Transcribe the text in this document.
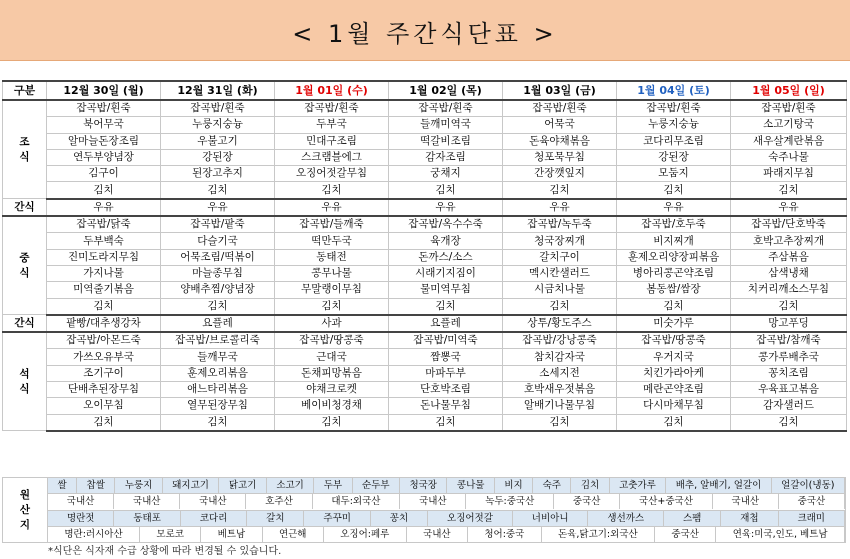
< 1월 주간식단표 >
구분	12월 30일 (월)	12월 31일 (화)	1월 01일 (수)	1월 02일 (목)	1월 03일 (금)	1월 04일 (토)	1월 05일 (일)

조
식	잡곡밥/흰죽	잡곡밥/흰죽	잡곡밥/흰죽	잡곡밥/흰죽	잡곡밥/흰죽	잡곡밥/흰죽	잡곡밥/흰죽
	북어무국	누룽지숭늉	두부국	들깨미역국	어묵국	누룽지숭늉	소고기탕국
	알마늘돈장조림	우불고기	민대구조림	떡갈비조림	돈육야채볶음	코다리무조림	새우살계란볶음
	연두부양념장	강된장	스크램블에그	감자조림	청포묵무침	강된장	숙주나물
	김구이	된장고추지	오징어젓갈무침	궁채지	간장깻잎지	모둠지	파래지무침
	김치	김치	김치	김치	김치	김치	김치
간식	우유	우유	우유	우유	우유	우유	우유

중
식	잡곡밥/닭죽	잡곡밥/팥죽	잡곡밥/들깨죽	잡곡밥/옥수수죽	잡곡밥/녹두죽	잡곡밥/호두죽	잡곡밥/단호박죽
	두부백숙	다슬기국	떡만두국	육개장	청국장찌개	비지찌개	호박고추장찌개
	진미도라지무침	어묵조림/떡볶이	동태전	돈까스/소스	갈치구이	훈제오리양장피볶음	주삼볶음
	가지나물	마늘종무침	콩무나물	시래기지짐이	멕시칸샐러드	병아리콩곤약조림	삼색냉채
	미역줄기볶음	양배추찜/양념장	무말랭이무침	물미역무침	시금치나물	봄동쌈/쌈장	치커리깨소스무침
	김치	김치	김치	김치	김치	김치	김치
간식	팥빵/대추생강차	요플레	사과	요플레	상투/황도주스	미숫가루	망고푸딩

석
식	잡곡밥/아몬드죽	잡곡밥/브로콜리죽	잡곡밥/땅콩죽	잡곡밥/미역죽	잡곡밥/강낭콩죽	잡곡밥/땅콩죽	잡곡밥/참깨죽
	가쓰오유부국	들깨무국	근대국	짬뽕국	참치감자국	우거지국	콩가루배추국
	조기구이	훈제오리볶음	돈채피망볶음	마파두부	소세지전	치킨가라아케	꽁치조림
	단배추된장무침	애느타리볶음	야채크로켓	단호박조림	호박새우젓볶음	메란곤약조림	우육표고볶음
	오이무침	열무된장무침	베이비청경채	돈나물무침	알배기나물무침	다시마채무침	감자샐러드
	김치	김치	김치	김치	김치	김치	김치
원
산
지

쌀	찹쌀	누룽지	돼지고기	닭고기	소고기	두부	순두부	청국장	콩나물	비지	숙주	김치	고춧가루	배추, 알배기, 얼갈이	얼갈이(냉동)

국내산	국내산	국내산	호주산	대두:외국산	국내산	녹두:중국산	중국산	국산+중국산	국내산	중국산

명란젓	동태포	코다리	갈치	주꾸미	꽁치	오징어젓갈	너비아니	생선까스	스팸	재첩	크래미

명란:러시아산	모로코	베트남	연근해	오징어:페루	국내산	청어:중국	돈육,닭고기:외국산	중국산	연육:미국,인도, 베트남
*식단은 식자재 수급 상황에 따라 변경될 수 있습니다.
